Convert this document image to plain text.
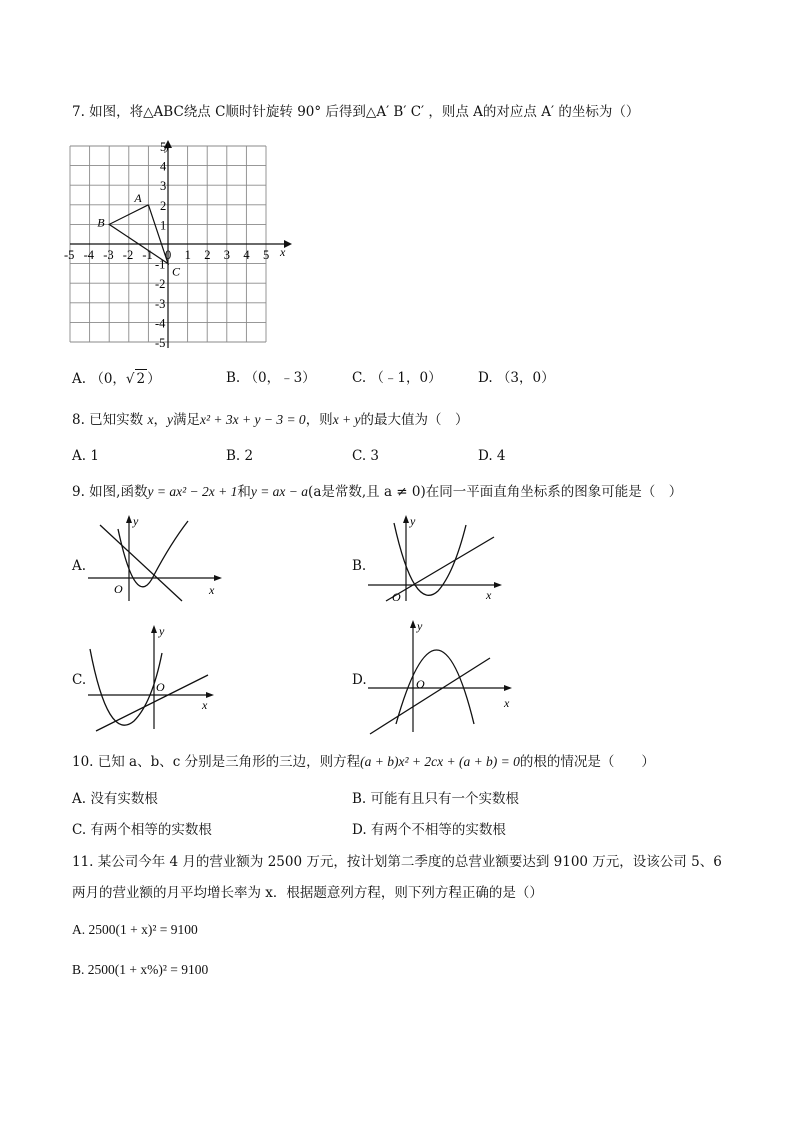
7. 如图，将△ABC绕点 C顺时针旋转 90° 后得到△A′ B′ C′ ，则点 A的对应点 A′ 的坐标为（）
x
y
-5 -4 -3 -2 -1 0 1 2 3 4 5
5
4
3
2
1
-1
-2
-3
-4
-5
A
B
C
A. （0，√ 2 ）	B. （0，﹣3）	C. （﹣1，0）	D. （3，0）
8. 已知实数 x，y满足x² + 3x + y − 3 = 0，则x + y的最大值为（　）
A. 1	B. 2	C. 3	D. 4
9. 如图,函数y = ax² − 2x + 1和y = ax − a(a是常数,且 a ≠ 0)在同一平面直角坐标系的图象可能是（　）
A.
O	x
y
B.
O	x
y
C.	O
x
y
D.	O
x
y
10. 已知 a、b、c 分别是三角形的三边，则方程(a + b)x² + 2cx + (a + b) = 0的根的情况是（　　）
A. 没有实数根	B. 可能有且只有一个实数根
C. 有两个相等的实数根	D. 有两个不相等的实数根
11. 某公司今年 4 月的营业额为 2500 万元，按计划第二季度的总营业额要达到 9100 万元，设该公司 5、6
两月的营业额的月平均增长率为 x．根据题意列方程，则下列方程正确的是（）
A. 2500(1 + x)² = 9100
B. 2500(1 + x%)² = 9100
